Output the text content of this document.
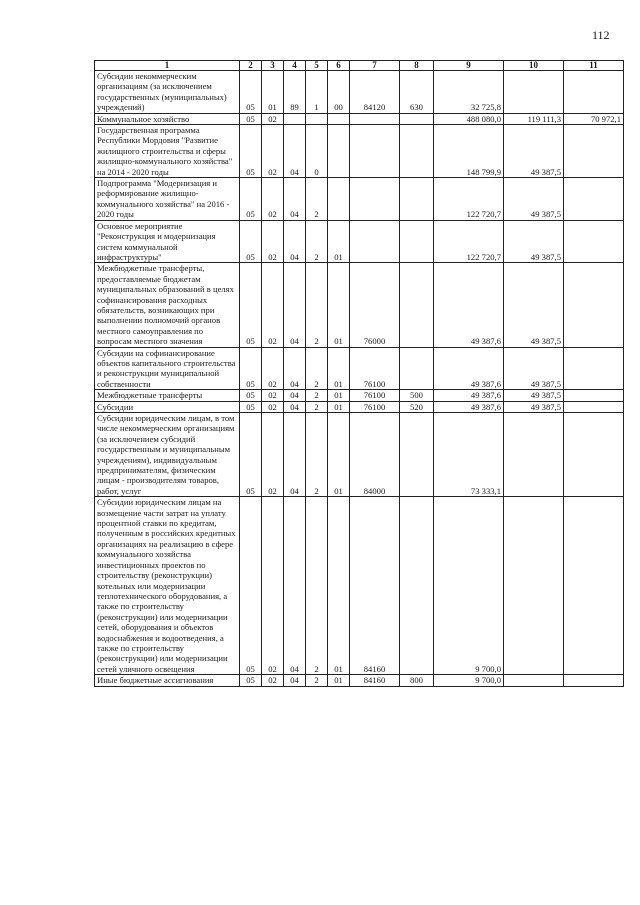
112
1	2	3	4	5	6	7	8	9	10	11
Субсидии некоммерческим организациям (за исключением государственных (муниципальных) учреждений)	05	01	89	1	00	84120	630	32 725,8		
Коммунальное хозяйство	05	02						488 080,0	119 111,3	70 972,1
Государственная программа Республики Мордовия "Развитие жилищного строительства и сферы жилищно-коммунального хозяйства" на 2014 - 2020 годы	05	02	04	0				148 799,9	49 387,5	
Подпрограмма "Модернизация и реформирование жилищно-коммунального хозяйства" на 2016 - 2020 годы	05	02	04	2				122 720,7	49 387,5	
Основное мероприятие "Реконструкция и модернизация систем коммунальной инфраструктуры"	05	02	04	2	01			122 720,7	49 387,5	
Межбюджетные трансферты, предоставляемые бюджетам муниципальных образований в целях софинансирования расходных обязательств, возникающих при выполнении полномочий органов местного самоуправления по вопросам местного значения	05	02	04	2	01	76000		49 387,6	49 387,5	
Субсидии на софинансирование объектов капитального строительства и реконструкции муниципальной собственности	05	02	04	2	01	76100		49 387,6	49 387,5	
Межбюджетные трансферты	05	02	04	2	01	76100	500	49 387,6	49 387,5	
Субсидии	05	02	04	2	01	76100	520	49 387,6	49 387,5	
Субсидии юридическим лицам, в том числе некоммерческим организациям (за исключением субсидий государственным и муниципальным учреждениям), индивидуальным предпринимателям, физическим лицам - производителям товаров, работ, услуг	05	02	04	2	01	84000		73 333,1		
Субсидии юридическим лицам на возмещение части затрат на уплату процентной ставки по кредитам, полученным в российских кредитных организациях на реализацию в сфере коммунального хозяйства инвестиционных проектов по строительству (реконструкции) котельных или модернизации теплотехнического оборудования, а также по строительству (реконструкции) или модернизации сетей, оборудования и объектов водоснабжения и водоотведения, а также по строительству (реконструкции) или модернизации сетей уличного освещения	05	02	04	2	01	84160		9 700,0		
Иные бюджетные ассигнования	05	02	04	2	01	84160	800	9 700,0		
